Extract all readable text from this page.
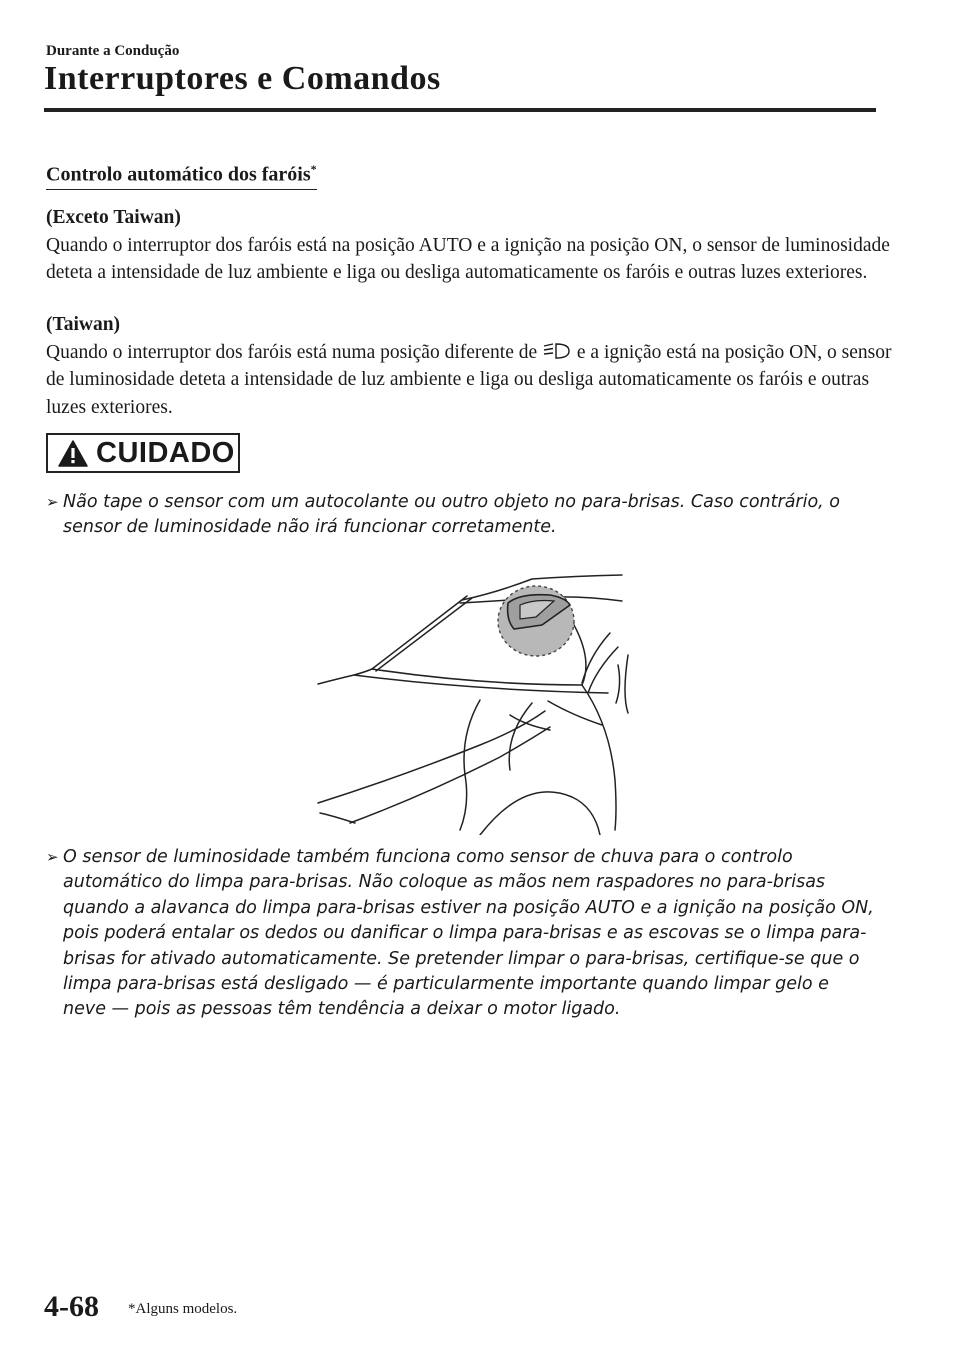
Durante a Condução
Interruptores e Comandos
Controlo automático dos faróis*
(Exceto Taiwan)
Quando o interruptor dos faróis está na posição AUTO e a ignição na posição ON, o sensor de luminosidade deteta a intensidade de luz ambiente e liga ou desliga automaticamente os faróis e outras luzes exteriores.
(Taiwan)
Quando o interruptor dos faróis está numa posição diferente de  e a ignição está na posição ON, o sensor de luminosidade deteta a intensidade de luz ambiente e liga ou desliga automaticamente os faróis e outras luzes exteriores.
CUIDADO
➢ Não tape o sensor com um autocolante ou outro objeto no para-brisas. Caso contrário, o sensor de luminosidade não irá funcionar corretamente.
➢ O sensor de luminosidade também funciona como sensor de chuva para o controlo automático do limpa para-brisas. Não coloque as mãos nem raspadores no para-brisas quando a alavanca do limpa para-brisas estiver na posição AUTO e a ignição na posição ON, pois poderá entalar os dedos ou danificar o limpa para-brisas e as escovas se o limpa para-brisas for ativado automaticamente. Se pretender limpar o para-brisas, certifique-se que o limpa para-brisas está desligado — é particularmente importante quando limpar gelo e neve — pois as pessoas têm tendência a deixar o motor ligado.
4-68 *Alguns modelos.
